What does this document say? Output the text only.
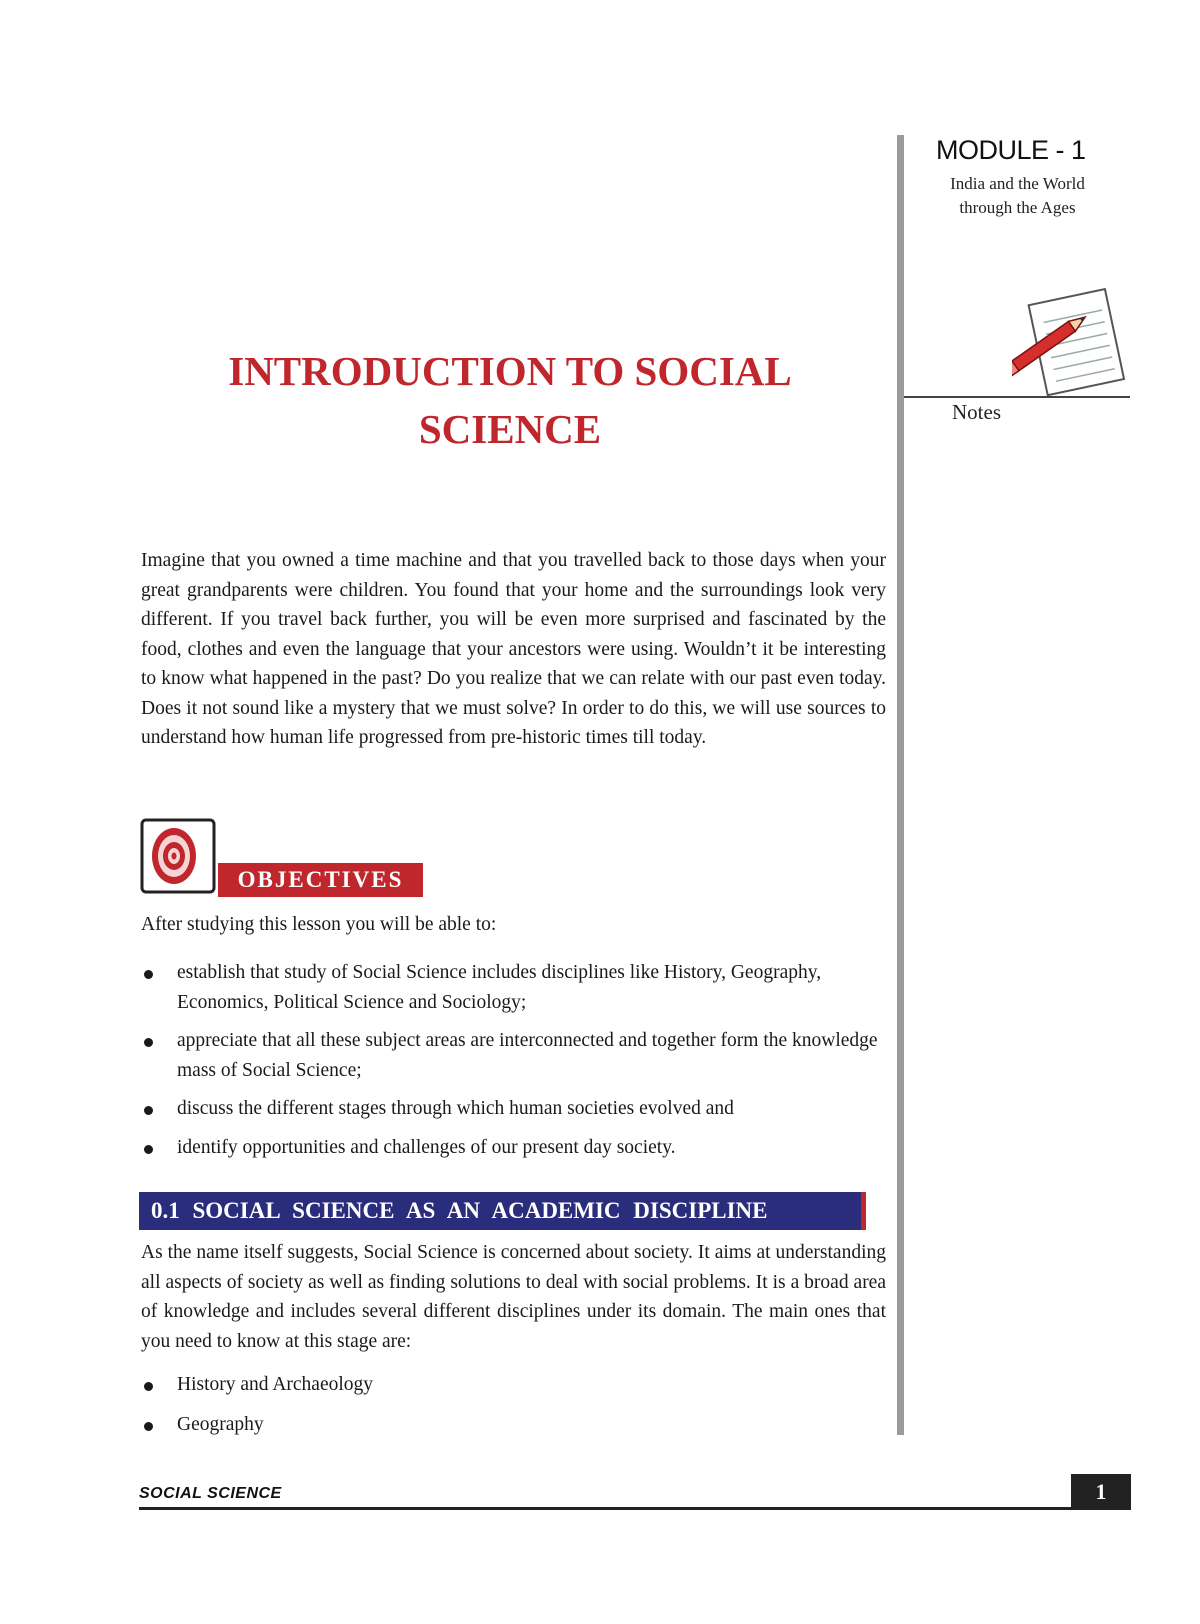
MODULE - 1
India and the World
through the Ages
Notes
INTRODUCTION TO SOCIAL
SCIENCE
Imagine that you owned a time machine and that you travelled back to those days when your great grandparents were children. You found that your home and the surroundings look very different. If you travel back further, you will be even more surprised and fascinated by the food, clothes and even the language that your ancestors were using. Wouldn’t it be interesting to know what happened in the past? Do you realize that we can relate with our past even today. Does it not sound like a mystery that we must solve? In order to do this, we will use sources to understand how human life progressed from pre-historic times till today.
OBJECTIVES
After studying this lesson you will be able to:
establish that study of Social Science includes disciplines like History, Geography, Economics, Political Science and Sociology;
appreciate that all these subject areas are interconnected and together form the knowledge mass of Social Science;
discuss the different stages through which human societies evolved and
identify opportunities and challenges of our present day society.
0.1 SOCIAL SCIENCE AS AN ACADEMIC DISCIPLINE
As the name itself suggests, Social Science is concerned about society. It aims at understanding all aspects of society as well as finding solutions to deal with social problems. It is a broad area of knowledge and includes several different disciplines under its domain. The main ones that you need to know at this stage are:
History and Archaeology
Geography
SOCIAL SCIENCE	1
